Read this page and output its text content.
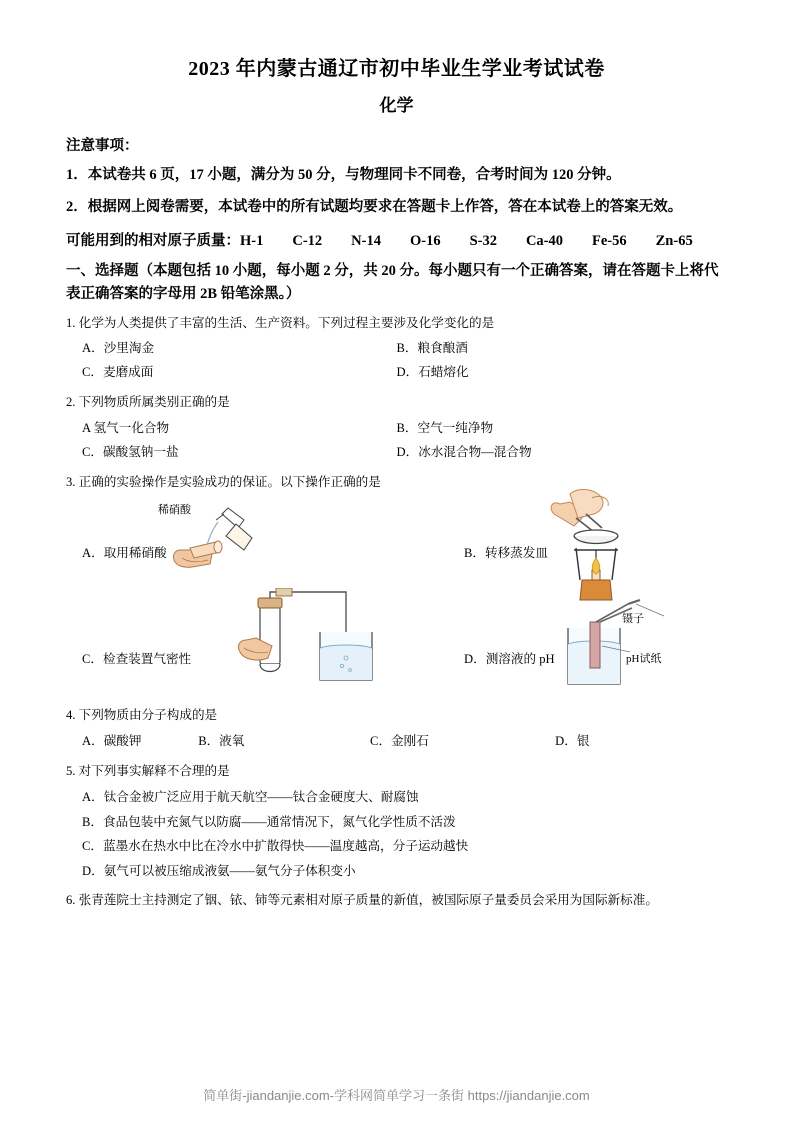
2023 年内蒙古通辽市初中毕业生学业考试试卷
化学
注意事项：
1．本试卷共 6 页，17 小题，满分为 50 分，与物理同卡不同卷，合考时间为 120 分钟。
2．根据网上阅卷需要，本试卷中的所有试题均要求在答题卡上作答，答在本试卷上的答案无效。
可能用到的相对原子质量：H-1　　C-12　　N-14　　O-16　　S-32　　Ca-40　　Fe-56　　Zn-65
一、选择题（本题包括 10 小题，每小题 2 分，共 20 分。每小题只有一个正确答案，请在答题卡上将代表正确答案的字母用 2B 铅笔涂黑。）
1. 化学为人类提供了丰富的生活、生产资料。下列过程主要涉及化学变化的是
A．沙里淘金	B．粮食酿酒
C．麦磨成面	D．石蜡熔化
2. 下列物质所属类别正确的是
A 氢气一化合物	B．空气一纯净物
C．碳酸氢钠一盐	D．冰水混合物—混合物
3. 正确的实验操作是实验成功的保证。以下操作正确的是
A．取用稀硝酸
稀硝酸
B．转移蒸发皿
C．检查装置气密性	D．测溶液的 pH
镊子
pH试纸
4. 下列物质由分子构成的是
A．碳酸钾	B．液氧	C．金刚石	D．银
5. 对下列事实解释不合理的是
A．钛合金被广泛应用于航天航空——钛合金硬度大、耐腐蚀
B．食品包装中充氮气以防腐——通常情况下，氮气化学性质不活泼
C．蓝墨水在热水中比在冷水中扩散得快——温度越高，分子运动越快
D．氨气可以被压缩成液氨——氨气分子体积变小
6. 张青莲院士主持测定了铟、铱、铈等元素相对原子质量的新值，被国际原子量委员会采用为国际新标准。
简单街-jiandanjie.com-学科网简单学习一条街 https://jiandanjie.com
